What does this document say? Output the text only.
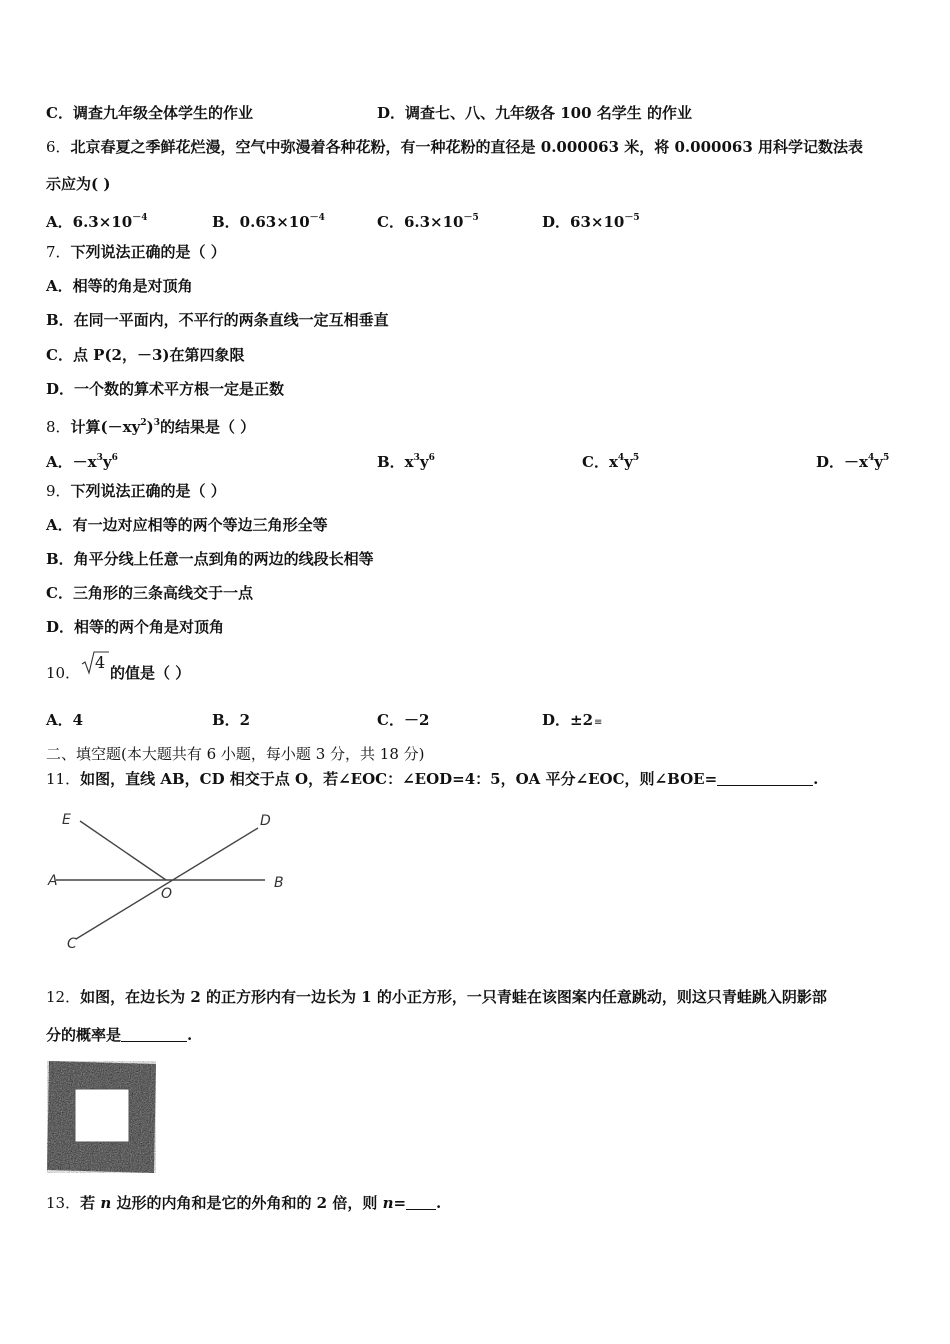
C．调查九年级全体学生的作业	D．调查七、八、九年级各 100 名学生 的作业
6．北京春夏之季鲜花烂漫，空气中弥漫着各种花粉，有一种花粉的直径是 0.000063 米，将 0.000063 用科学记数法表
示应为( )
A．$6.3\times 10^{-4}$	B．$0.63\times 10^{-4}$	C．$6.3\times 10^{-5}$	D．$63\times 10^{-5}$
7．下列说法正确的是（ ）
A．相等的角是对顶角
B．在同一平面内，不平行的两条直线一定互相垂直
C．点 P(2，－3)在第四象限
D．一个数的算术平方根一定是正数
8．计算$(-xy^2)^3$的结果是（ ）
A．$-x^3y^6$	B．$x^3y^6$	C．$x^4y^5$	D．$-x^4y^5$
9．下列说法正确的是（ ）
A．有一边对应相等的两个等边三角形全等
B．角平分线上任意一点到角的两边的线段长相等
C．三角形的三条高线交于一点
D．相等的两个角是对顶角
10．
4
的值是（ ）
A．4	B．2	C．－2	D．±2≡
二、填空题(本大题共有 6 小题，每小题 3 分，共 18 分)
11．如图，直线 AB，CD 相交于点 O，若∠EOC：∠EOD=4：5，OA 平分∠EOC，则∠BOE=	.
E	D
A
O
B
C
12．如图，在边长为 2 的正方形内有一边长为 1 的小正方形，一只青蛙在该图案内任意跳动，则这只青蛙跳入阴影部
分的概率是	.
13．若 n 边形的内角和是它的外角和的 2 倍，则 n= .
